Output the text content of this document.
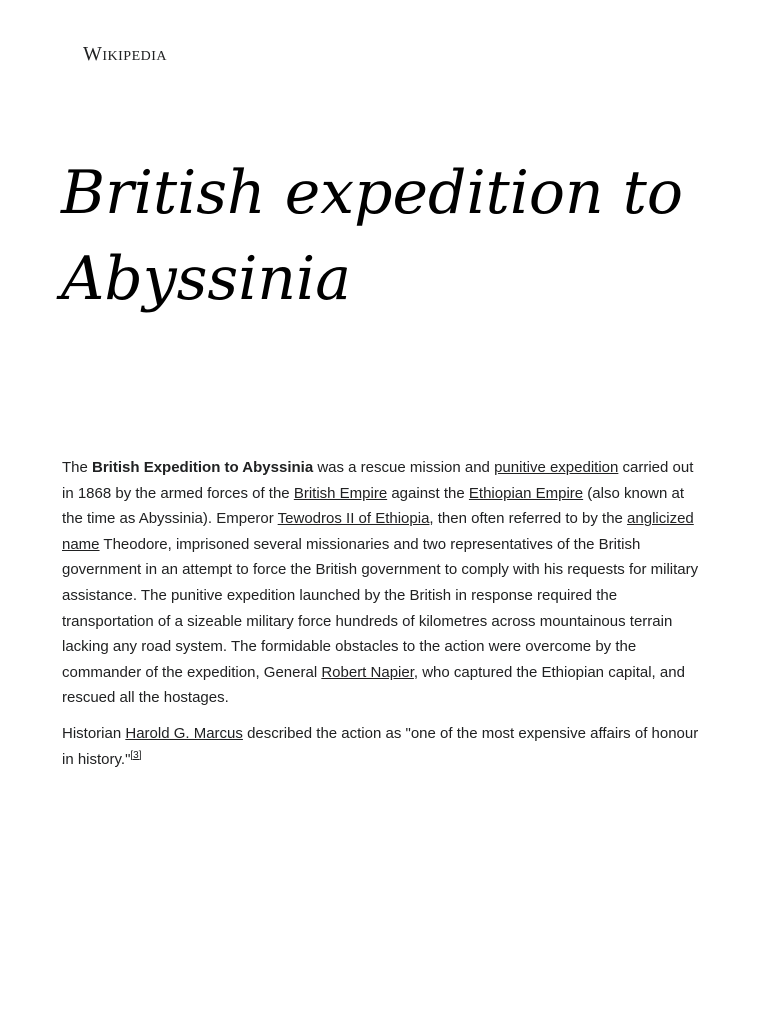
Wikipedia
British expedition to Abyssinia

The British Expedition to Abyssinia was a rescue mission and punitive expedition carried out in 1868 by the armed forces of the British Empire against the Ethiopian Empire (also known at the time as Abyssinia). Emperor Tewodros II of Ethiopia, then often referred to by the anglicized name Theodore, imprisoned several missionaries and two representatives of the British government in an attempt to force the British government to comply with his requests for military assistance. The punitive expedition launched by the British in response required the transportation of a sizeable military force hundreds of kilometres across mountainous terrain lacking any road system. The formidable obstacles to the action were overcome by the commander of the expedition, General Robert Napier, who captured the Ethiopian capital, and rescued all the hostages.

Historian Harold G. Marcus described the action as "one of the most expensive affairs of honour in history."[3]
